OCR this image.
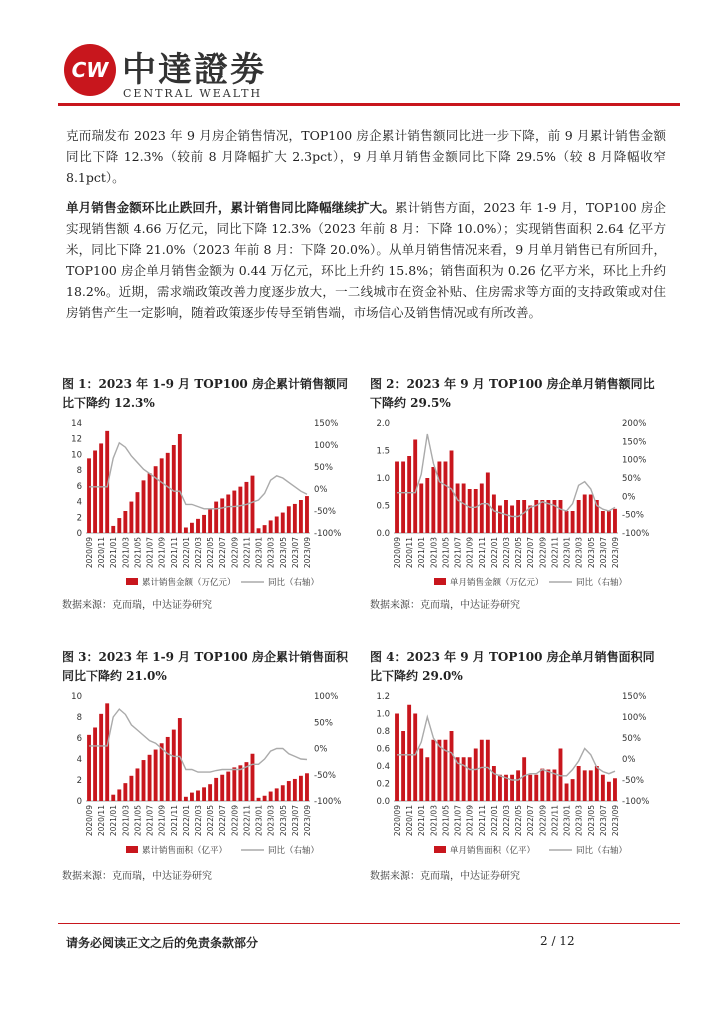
CW 中達證劵
CENTRAL WEALTH
克而瑞发布 2023 年 9 月房企销售情况，TOP100 房企累计销售额同比进一步下降，前 9 月累计销售金额同比下降 12.3%（较前 8 月降幅扩大 2.3pct），9 月单月销售金额同比下降 29.5%（较 8 月降幅收窄 8.1pct）。
单月销售金额环比止跌回升，累计销售同比降幅继续扩大。累计销售方面，2023 年 1-9 月，TOP100 房企实现销售额 4.66 万亿元，同比下降 12.3%（2023 年前 8 月：下降 10.0%）；实现销售面积 2.64 亿平方米，同比下降 21.0%（2023 年前 8 月：下降 20.0%）。从单月销售情况来看，9 月单月销售已有所回升，TOP100 房企单月销售金额为 0.44 万亿元，环比上升约 15.8%；销售面积为 0.26 亿平方米，环比上升约 18.2%。近期，需求端政策改善力度逐步放大，一二线城市在资金补贴、住房需求等方面的支持政策或对住房销售产生一定影响，随着政策逐步传导至销售端，市场信心及销售情况或有所改善。
图 1：2023 年 1-9 月 TOP100 房企累计销售额同比下降约 12.3%
图 2：2023 年 9 月 TOP100 房企单月销售额同比下降约 29.5%
0
2
4
6
8
10
12
14
-100%
-50%
0%
50%
100%
150%
2020/09 2020/11 2021/01 2021/03 2021/05 2021/07 2021/09 2021/11 2022/01 2022/03 2022/05 2022/07 2022/09 2022/11 2023/01 2023/03 2023/05 2023/07 2023/09
累计销售金额（万亿元）	同比（右轴）
0.0
0.5
1.0
1.5
2.0
-100%
-50%
0%
50%
100%
150%
200%
2020/09 2020/11 2021/01 2021/03 2021/05 2021/07 2021/09 2021/11 2022/01 2022/03 2022/05 2022/07 2022/09 2022/11 2023/01 2023/03 2023/05 2023/07 2023/09
单月销售金额（万亿元）	同比（右轴）
数据来源：克而瑞，中达证券研究	数据来源：克而瑞，中达证券研究
图 3：2023 年 1-9 月 TOP100 房企累计销售面积同比下降约 21.0%
图 4：2023 年 9 月 TOP100 房企单月销售面积同比下降约 29.0%
0
2
4
6
8
10
-100%
-50%
0%
50%
100%
2020/09 2020/11 2021/01 2021/03 2021/05 2021/07 2021/09 2021/11 2022/01 2022/03 2022/05 2022/07 2022/09 2022/11 2023/01 2023/03 2023/05 2023/07 2023/09
累计销售面积（亿平）	同比（右轴）
0.0
0.2
0.4
0.6
0.8
1.0
1.2
-100%
-50%
0%
50%
100%
150%
2020/09 2020/11 2021/01 2021/03 2021/05 2021/07 2021/09 2021/11 2022/01 2022/03 2022/05 2022/07 2022/09 2022/11 2023/01 2023/03 2023/05 2023/07 2023/09
单月销售面积（亿平）	同比（右轴）
数据来源：克而瑞，中达证券研究	数据来源：克而瑞，中达证券研究
请务必阅读正文之后的免责条款部分	2 / 12
